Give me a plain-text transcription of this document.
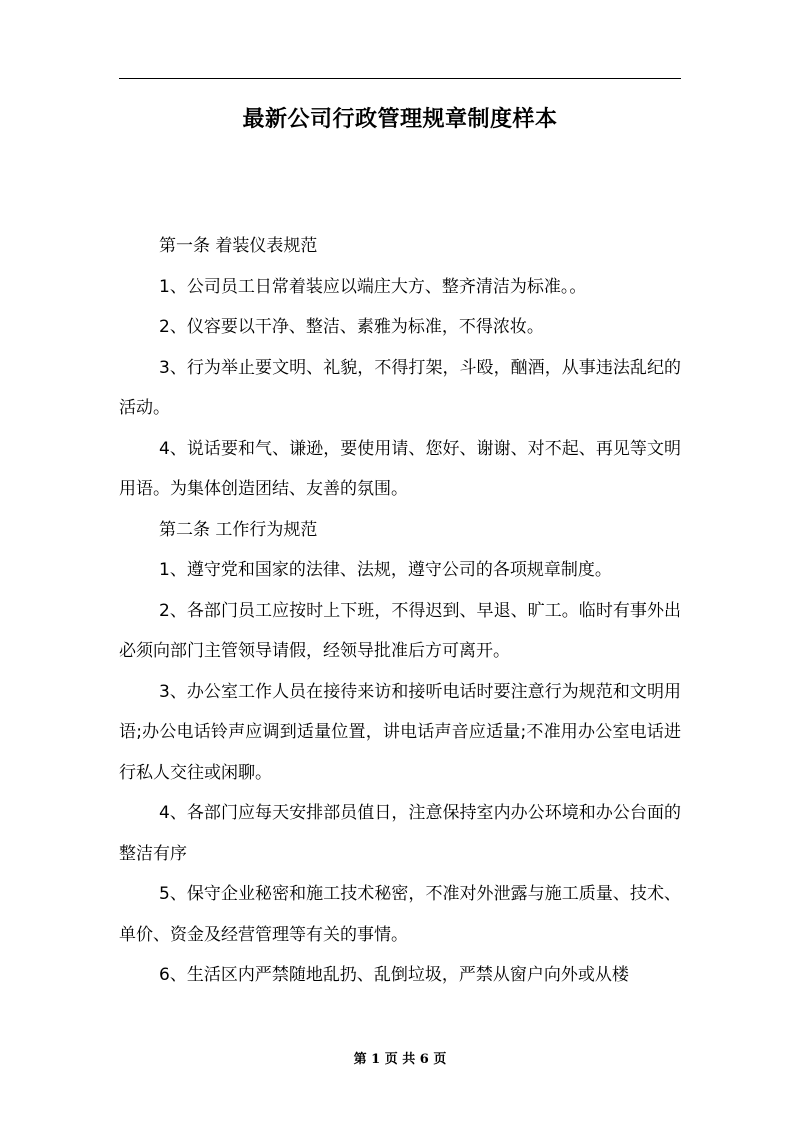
最新公司行政管理规章制度样本

第一条 着装仪表规范

1、公司员工日常着装应以端庄大方、整齐清洁为标准。。

2、仪容要以干净、整洁、素雅为标准，不得浓妆。

3、行为举止要文明、礼貌，不得打架，斗殴，酗酒，从事违法乱纪的活动。

4、说话要和气、谦逊，要使用请、您好、谢谢、对不起、再见等文明用语。为集体创造团结、友善的氛围。

第二条 工作行为规范

1、遵守党和国家的法律、法规，遵守公司的各项规章制度。

2、各部门员工应按时上下班，不得迟到、早退、旷工。临时有事外出必须向部门主管领导请假，经领导批准后方可离开。

3、办公室工作人员在接待来访和接听电话时要注意行为规范和文明用语;办公电话铃声应调到适量位置，讲电话声音应适量;不准用办公室电话进行私人交往或闲聊。

4、各部门应每天安排部员值日，注意保持室内办公环境和办公台面的整洁有序

5、保守企业秘密和施工技术秘密，不准对外泄露与施工质量、技术、单价、资金及经营管理等有关的事情。

6、生活区内严禁随地乱扔、乱倒垃圾，严禁从窗户向外或从楼

第 1 页 共 6 页
